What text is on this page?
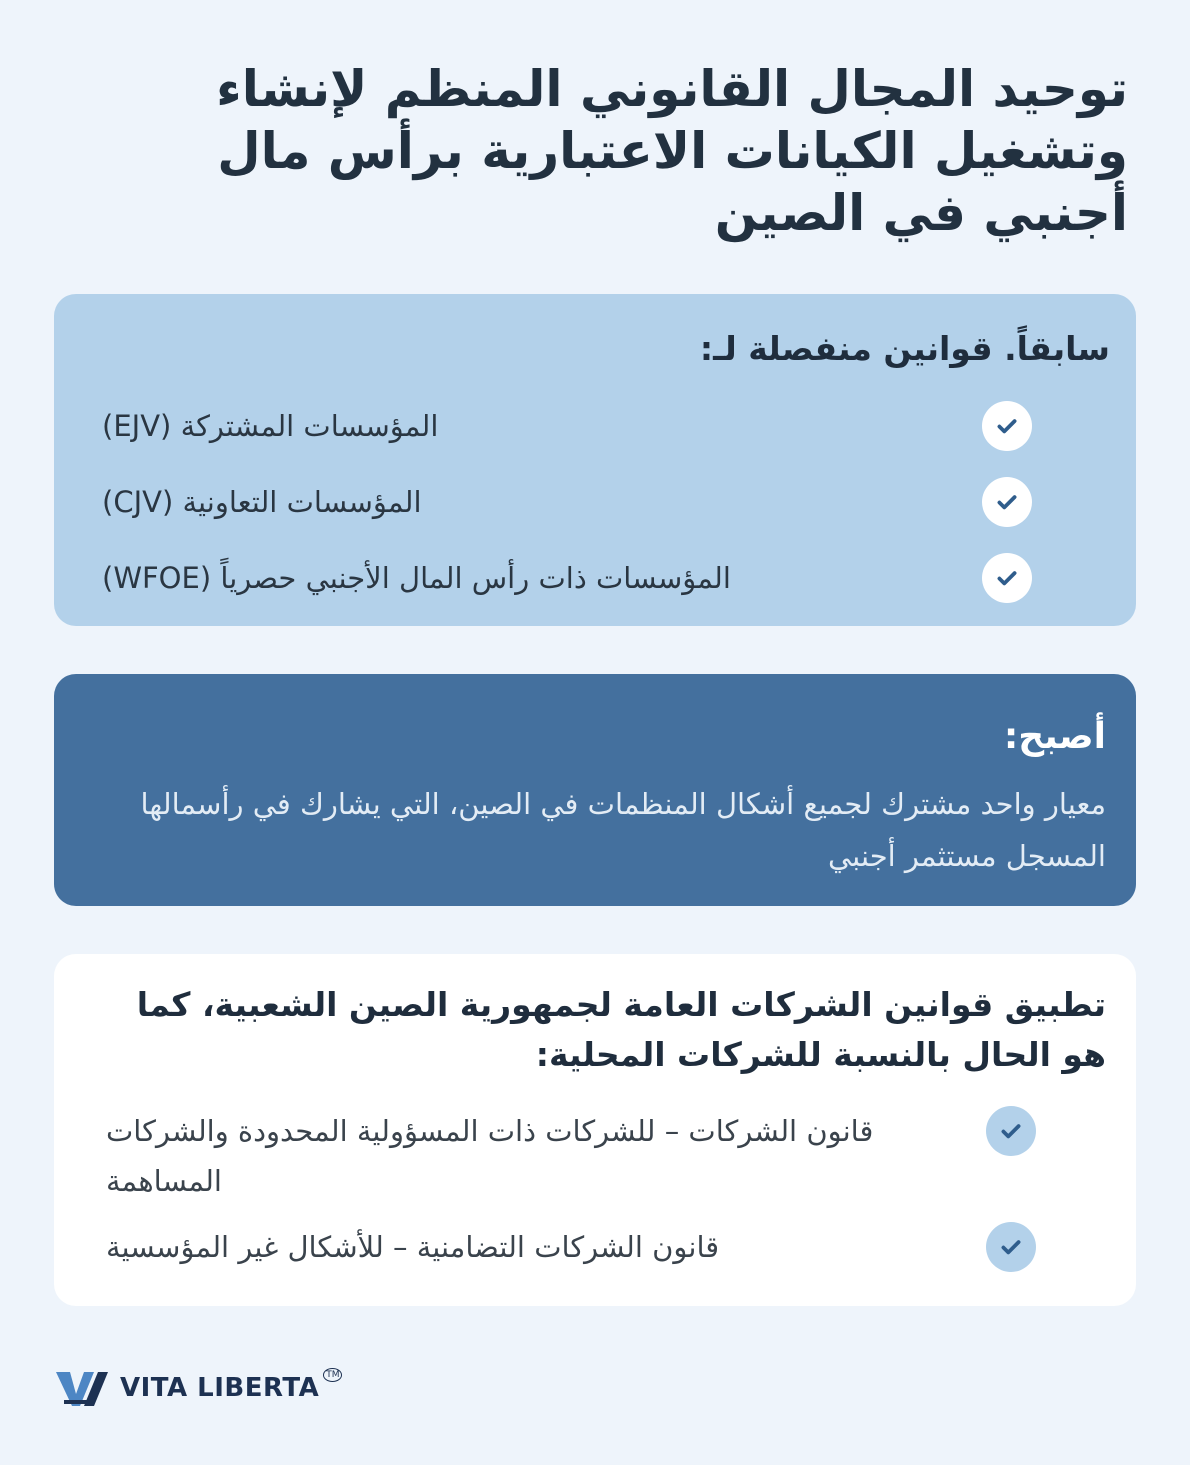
توحيد المجال القانوني المنظم لإنشاء وتشغيل الكيانات الاعتبارية برأس مال أجنبي في الصين
سابقاً. قوانين منفصلة لـ:
المؤسسات المشتركة (EJV)
المؤسسات التعاونية (CJV)
المؤسسات ذات رأس المال الأجنبي حصرياً (WFOE)
أصبح:

معيار واحد مشترك لجميع أشكال المنظمات في الصين، التي يشارك في رأسمالها المسجل مستثمر أجنبي

تطبيق قوانين الشركات العامة لجمهورية الصين الشعبية، كما هو الحال بالنسبة للشركات المحلية:
قانون الشركات – للشركات ذات المسؤولية المحدودة والشركات المساهمة
قانون الشركات التضامنية – للأشكال غير المؤسسية
VITA LIBERTA TM
